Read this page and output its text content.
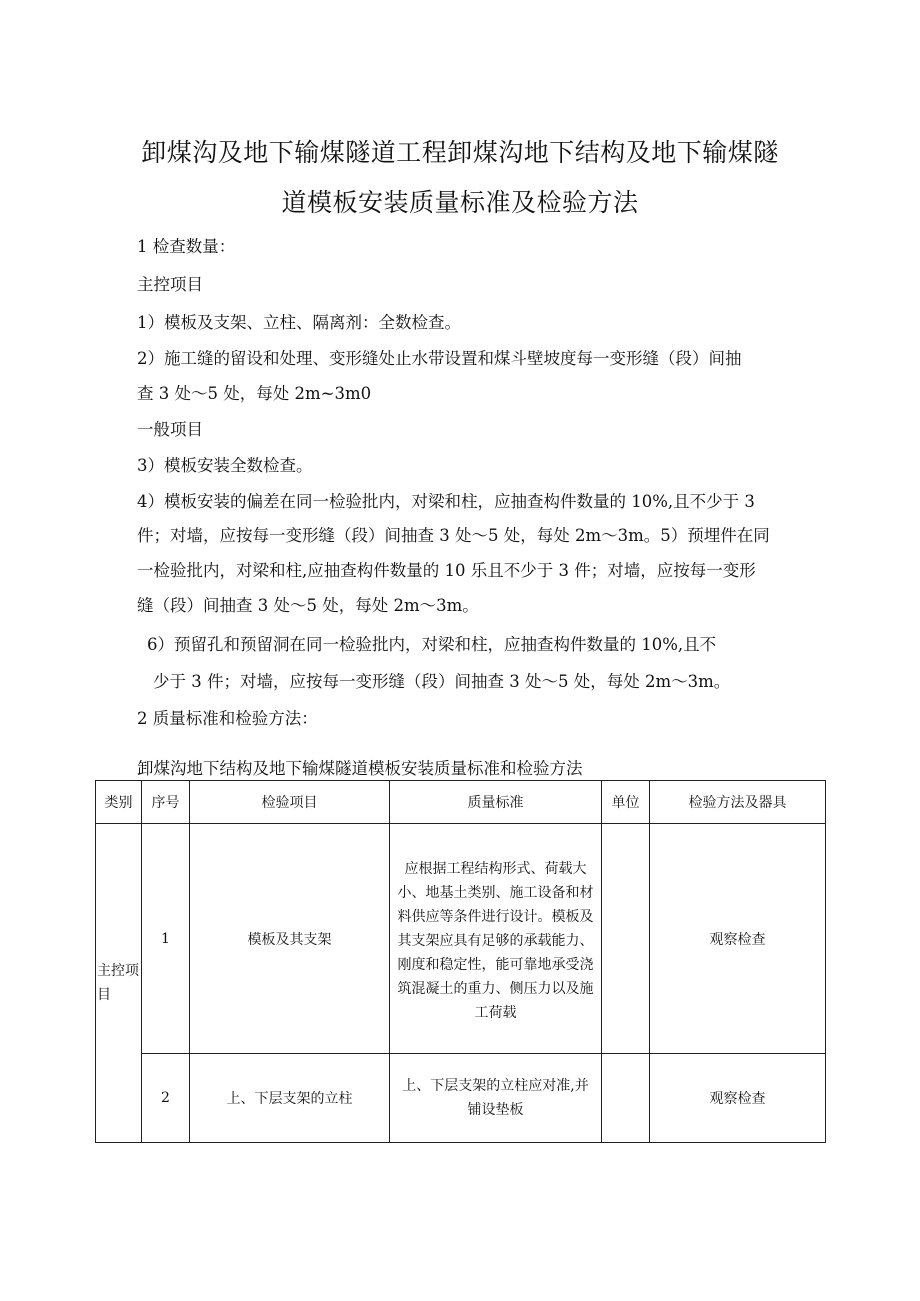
卸煤沟及地下输煤隧道工程卸煤沟地下结构及地下输煤隧
道模板安装质量标准及检验方法
1 检查数量：
主控项目
1）模板及支架、立柱、隔离剂：全数检查。
2）施工缝的留设和处理、变形缝处止水带设置和煤斗壁坡度每一变形缝（段）间抽
查 3 处～5 处，每处 2m~3m0
一般项目
3）模板安装全数检查。
4）模板安装的偏差在同一检验批内，对梁和柱，应抽查构件数量的 10%,且不少于 3
件；对墙，应按每一变形缝（段）间抽查 3 处～5 处，每处 2m～3m。5）预埋件在同
一检验批内，对梁和柱,应抽查构件数量的 10 乐且不少于 3 件；对墙，应按每一变形
缝（段）间抽查 3 处～5 处，每处 2m～3m。
6）预留孔和预留洞在同一检验批内，对梁和柱，应抽查构件数量的 10%,且不
少于 3 件；对墙，应按每一变形缝（段）间抽查 3 处～5 处，每处 2m～3m。
2 质量标准和检验方法：
卸煤沟地下结构及地下输煤隧道模板安装质量标准和检验方法
类别	序号	检验项目	质量标准	单位	检验方法及器具
主控项目	1	模板及其支架	应根据工程结构形式、荷载大小、地基土类别、施工设备和材料供应等条件进行设计。模板及其支架应具有足够的承载能力、刚度和稳定性，能可靠地承受浇筑混凝土的重力、侧压力以及施工荷载		观察检查
	2	上、下层支架的立柱	上、下层支架的立柱应对准,并铺设垫板		观察检查
